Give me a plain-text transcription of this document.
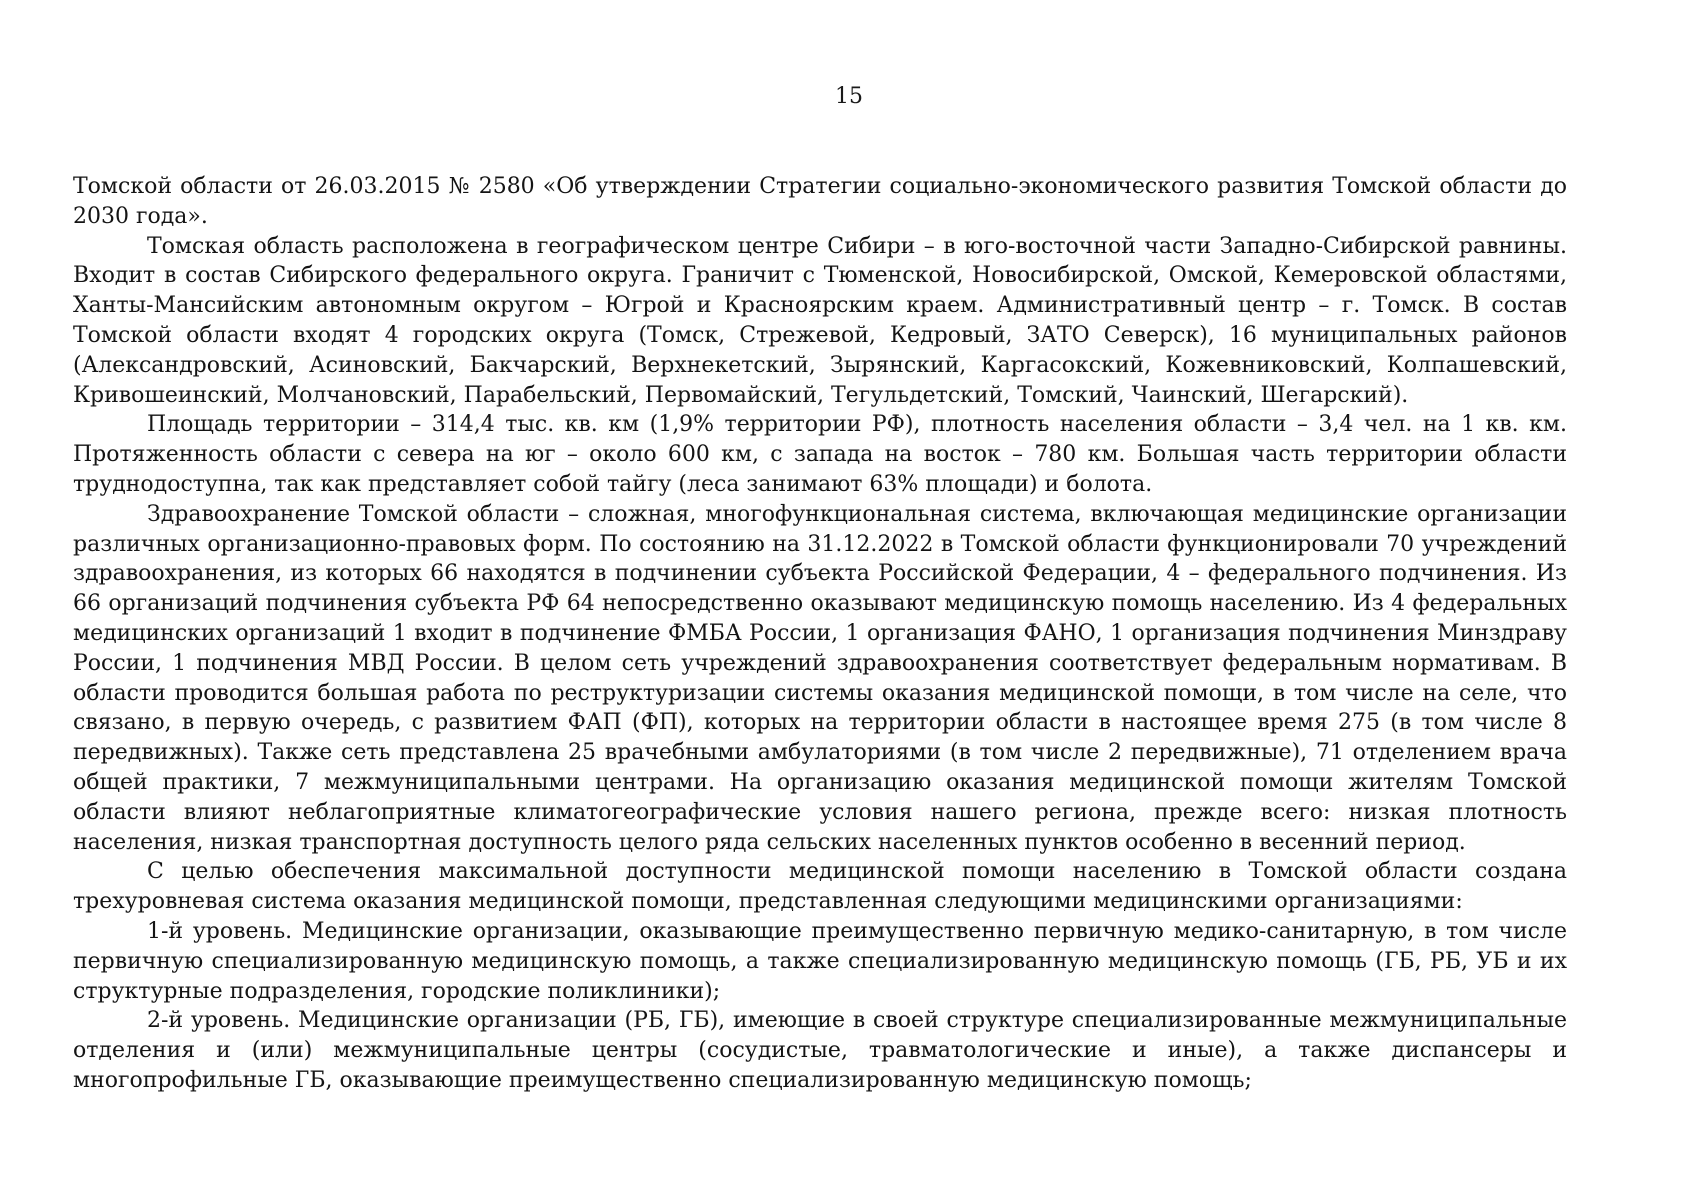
15

Томской области от 26.03.2015 № 2580 «Об утверждении Стратегии социально-экономического развития Томской области до 2030 года».

Томская область расположена в географическом центре Сибири – в юго-восточной части Западно-Сибирской равнины. Входит в состав Сибирского федерального округа. Граничит с Тюменской, Новосибирской, Омской, Кемеровской областями, Ханты-Мансийским автономным округом – Югрой и Красноярским краем. Административный центр – г. Томск. В состав Томской области входят 4 городских округа (Томск, Стрежевой, Кедровый, ЗАТО Северск), 16 муниципальных районов (Александровский, Асиновский, Бакчарский, Верхнекетский, Зырянский, Каргасокский, Кожевниковский, Колпашевский, Кривошеинский, Молчановский, Парабельский, Первомайский, Тегульдетский, Томский, Чаинский, Шегарский).

Площадь территории – 314,4 тыс. кв. км (1,9% территории РФ), плотность населения области – 3,4 чел. на 1 кв. км. Протяженность области с севера на юг – около 600 км, с запада на восток – 780 км. Большая часть территории области труднодоступна, так как представляет собой тайгу (леса занимают 63% площади) и болота.

Здравоохранение Томской области – сложная, многофункциональная система, включающая медицинские организации различных организационно-правовых форм. По состоянию на 31.12.2022 в Томской области функционировали 70 учреждений здравоохранения, из которых 66 находятся в подчинении субъекта Российской Федерации, 4 – федерального подчинения. Из 66 организаций подчинения субъекта РФ 64 непосредственно оказывают медицинскую помощь населению. Из 4 федеральных медицинских организаций 1 входит в подчинение ФМБА России, 1 организация ФАНО, 1 организация подчинения Минздраву России, 1 подчинения МВД России. В целом сеть учреждений здравоохранения соответствует федеральным нормативам. В области проводится большая работа по реструктуризации системы оказания медицинской помощи, в том числе на селе, что связано, в первую очередь, с развитием ФАП (ФП), которых на территории области в настоящее время 275 (в том числе 8 передвижных). Также сеть представлена 25 врачебными амбулаториями (в том числе 2 передвижные), 71 отделением врача общей практики, 7 межмуниципальными центрами. На организацию оказания медицинской помощи жителям Томской области влияют неблагоприятные климатогеографические условия нашего региона, прежде всего: низкая плотность населения, низкая транспортная доступность целого ряда сельских населенных пунктов особенно в весенний период.

С целью обеспечения максимальной доступности медицинской помощи населению в Томской области создана трехуровневая система оказания медицинской помощи, представленная следующими медицинскими организациями:

1-й уровень. Медицинские организации, оказывающие преимущественно первичную медико-санитарную, в том числе первичную специализированную медицинскую помощь, а также специализированную медицинскую помощь (ГБ, РБ, УБ и их структурные подразделения, городские поликлиники);

2-й уровень. Медицинские организации (РБ, ГБ), имеющие в своей структуре специализированные межмуниципальные отделения и (или) межмуниципальные центры (сосудистые, травматологические и иные), а также диспансеры и многопрофильные ГБ, оказывающие преимущественно специализированную медицинскую помощь;
